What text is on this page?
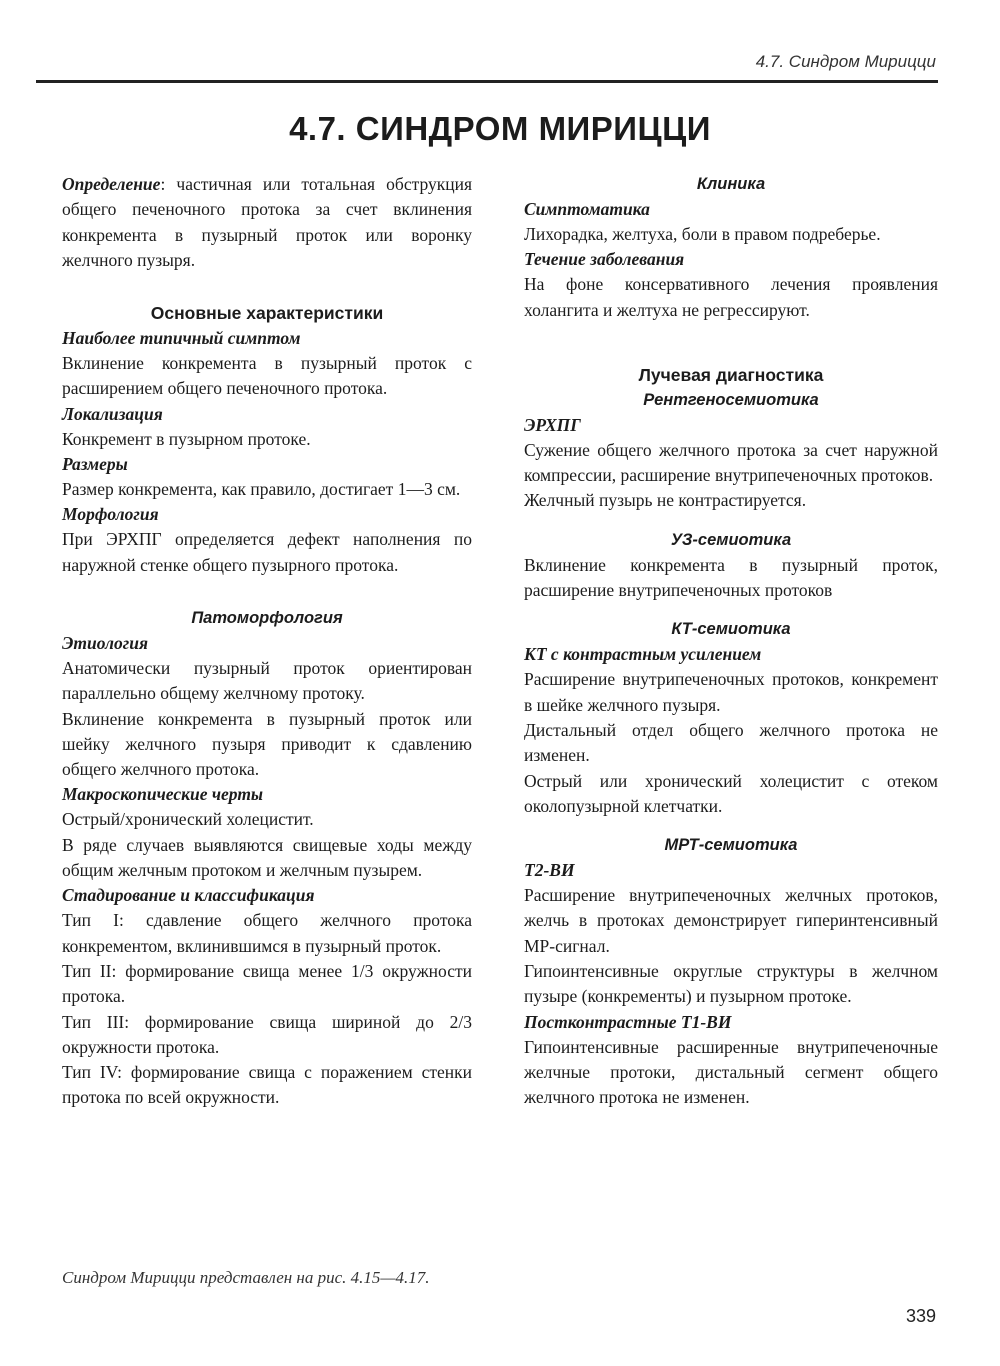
4.7. Синдром Мирицци
4.7. СИНДРОМ МИРИЦЦИ

Определение: частичная или тотальная обструкция общего печеночного протока за счет вклинения конкремента в пузырный проток или воронку желчного пузыря.

Основные характеристики

Наиболее типичный симптом

Вклинение конкремента в пузырный проток с расширением общего печеночного протока.

Локализация

Конкремент в пузырном протоке.

Размеры

Размер конкремента, как правило, достигает 1—3 см.

Морфология

При ЭРХПГ определяется дефект наполнения по наружной стенке общего пузырного протока.

Патоморфология

Этиология

Анатомически пузырный проток ориентирован параллельно общему желчному протоку.

Вклинение конкремента в пузырный проток или шейку желчного пузыря приводит к сдавлению общего желчного протока.

Макроскопические черты

Острый/хронический холецистит.

В ряде случаев выявляются свищевые ходы между общим желчным протоком и желчным пузырем.

Стадирование и классификация

Тип I: сдавление общего желчного протока конкрементом, вклинившимся в пузырный проток.

Тип II: формирование свища менее 1/3 окружности протока.

Тип III: формирование свища шириной до 2/3 окружности протока.

Тип IV: формирование свища с поражением стенки протока по всей окружности.

Клиника

Симптоматика

Лихорадка, желтуха, боли в правом подреберье.

Течение заболевания

На фоне консервативного лечения проявления холангита и желтуха не регрессируют.

Лучевая диагностика

Рентгеносемиотика

ЭРХПГ

Сужение общего желчного протока за счет наружной компрессии, расширение внутрипеченочных протоков.

Желчный пузырь не контрастируется.

УЗ-семиотика

Вклинение конкремента в пузырный проток, расширение внутрипеченочных протоков

КТ-семиотика

КТ с контрастным усилением

Расширение внутрипеченочных протоков, конкремент в шейке желчного пузыря.

Дистальный отдел общего желчного протока не изменен.

Острый или хронический холецистит с отеком околопузырной клетчатки.

МРТ-семиотика

Т2-ВИ

Расширение внутрипеченочных желчных протоков, желчь в протоках демонстрирует гиперинтенсивный МР-сигнал.

Гипоинтенсивные округлые структуры в желчном пузыре (конкременты) и пузырном протоке.

Постконтрастные Т1-ВИ

Гипоинтенсивные расширенные внутрипеченочные желчные протоки, дистальный сегмент общего желчного протока не изменен.

Синдром Мирицци представлен на рис. 4.15—4.17.
339
